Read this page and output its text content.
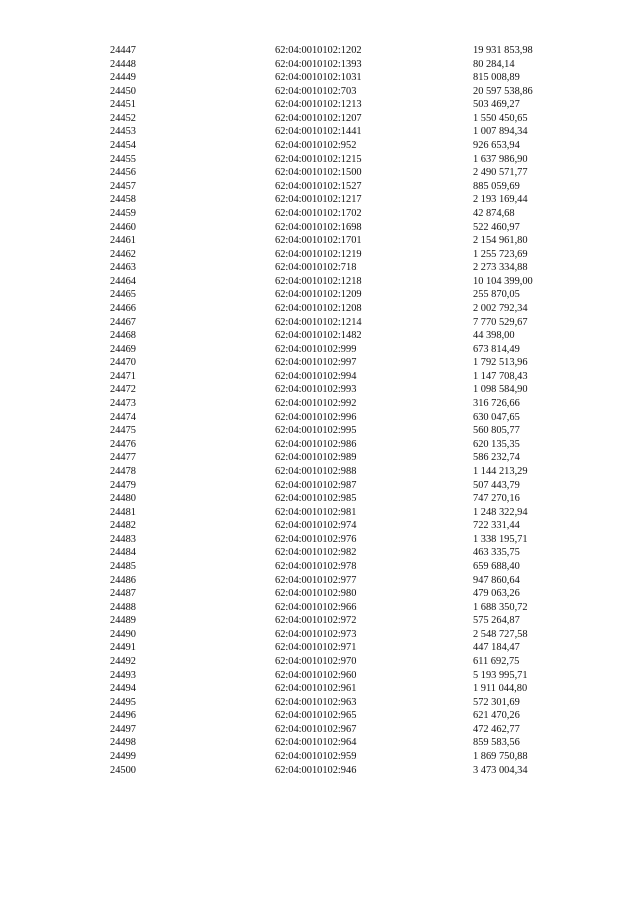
24447	62:04:0010102:1202	19 931 853,98
24448	62:04:0010102:1393	80 284,14
24449	62:04:0010102:1031	815 008,89
24450	62:04:0010102:703	20 597 538,86
24451	62:04:0010102:1213	503 469,27
24452	62:04:0010102:1207	1 550 450,65
24453	62:04:0010102:1441	1 007 894,34
24454	62:04:0010102:952	926 653,94
24455	62:04:0010102:1215	1 637 986,90
24456	62:04:0010102:1500	2 490 571,77
24457	62:04:0010102:1527	885 059,69
24458	62:04:0010102:1217	2 193 169,44
24459	62:04:0010102:1702	42 874,68
24460	62:04:0010102:1698	522 460,97
24461	62:04:0010102:1701	2 154 961,80
24462	62:04:0010102:1219	1 255 723,69
24463	62:04:0010102:718	2 273 334,88
24464	62:04:0010102:1218	10 104 399,00
24465	62:04:0010102:1209	255 870,05
24466	62:04:0010102:1208	2 002 792,34
24467	62:04:0010102:1214	7 770 529,67
24468	62:04:0010102:1482	44 398,00
24469	62:04:0010102:999	673 814,49
24470	62:04:0010102:997	1 792 513,96
24471	62:04:0010102:994	1 147 708,43
24472	62:04:0010102:993	1 098 584,90
24473	62:04:0010102:992	316 726,66
24474	62:04:0010102:996	630 047,65
24475	62:04:0010102:995	560 805,77
24476	62:04:0010102:986	620 135,35
24477	62:04:0010102:989	586 232,74
24478	62:04:0010102:988	1 144 213,29
24479	62:04:0010102:987	507 443,79
24480	62:04:0010102:985	747 270,16
24481	62:04:0010102:981	1 248 322,94
24482	62:04:0010102:974	722 331,44
24483	62:04:0010102:976	1 338 195,71
24484	62:04:0010102:982	463 335,75
24485	62:04:0010102:978	659 688,40
24486	62:04:0010102:977	947 860,64
24487	62:04:0010102:980	479 063,26
24488	62:04:0010102:966	1 688 350,72
24489	62:04:0010102:972	575 264,87
24490	62:04:0010102:973	2 548 727,58
24491	62:04:0010102:971	447 184,47
24492	62:04:0010102:970	611 692,75
24493	62:04:0010102:960	5 193 995,71
24494	62:04:0010102:961	1 911 044,80
24495	62:04:0010102:963	572 301,69
24496	62:04:0010102:965	621 470,26
24497	62:04:0010102:967	472 462,77
24498	62:04:0010102:964	859 583,56
24499	62:04:0010102:959	1 869 750,88
24500	62:04:0010102:946	3 473 004,34
